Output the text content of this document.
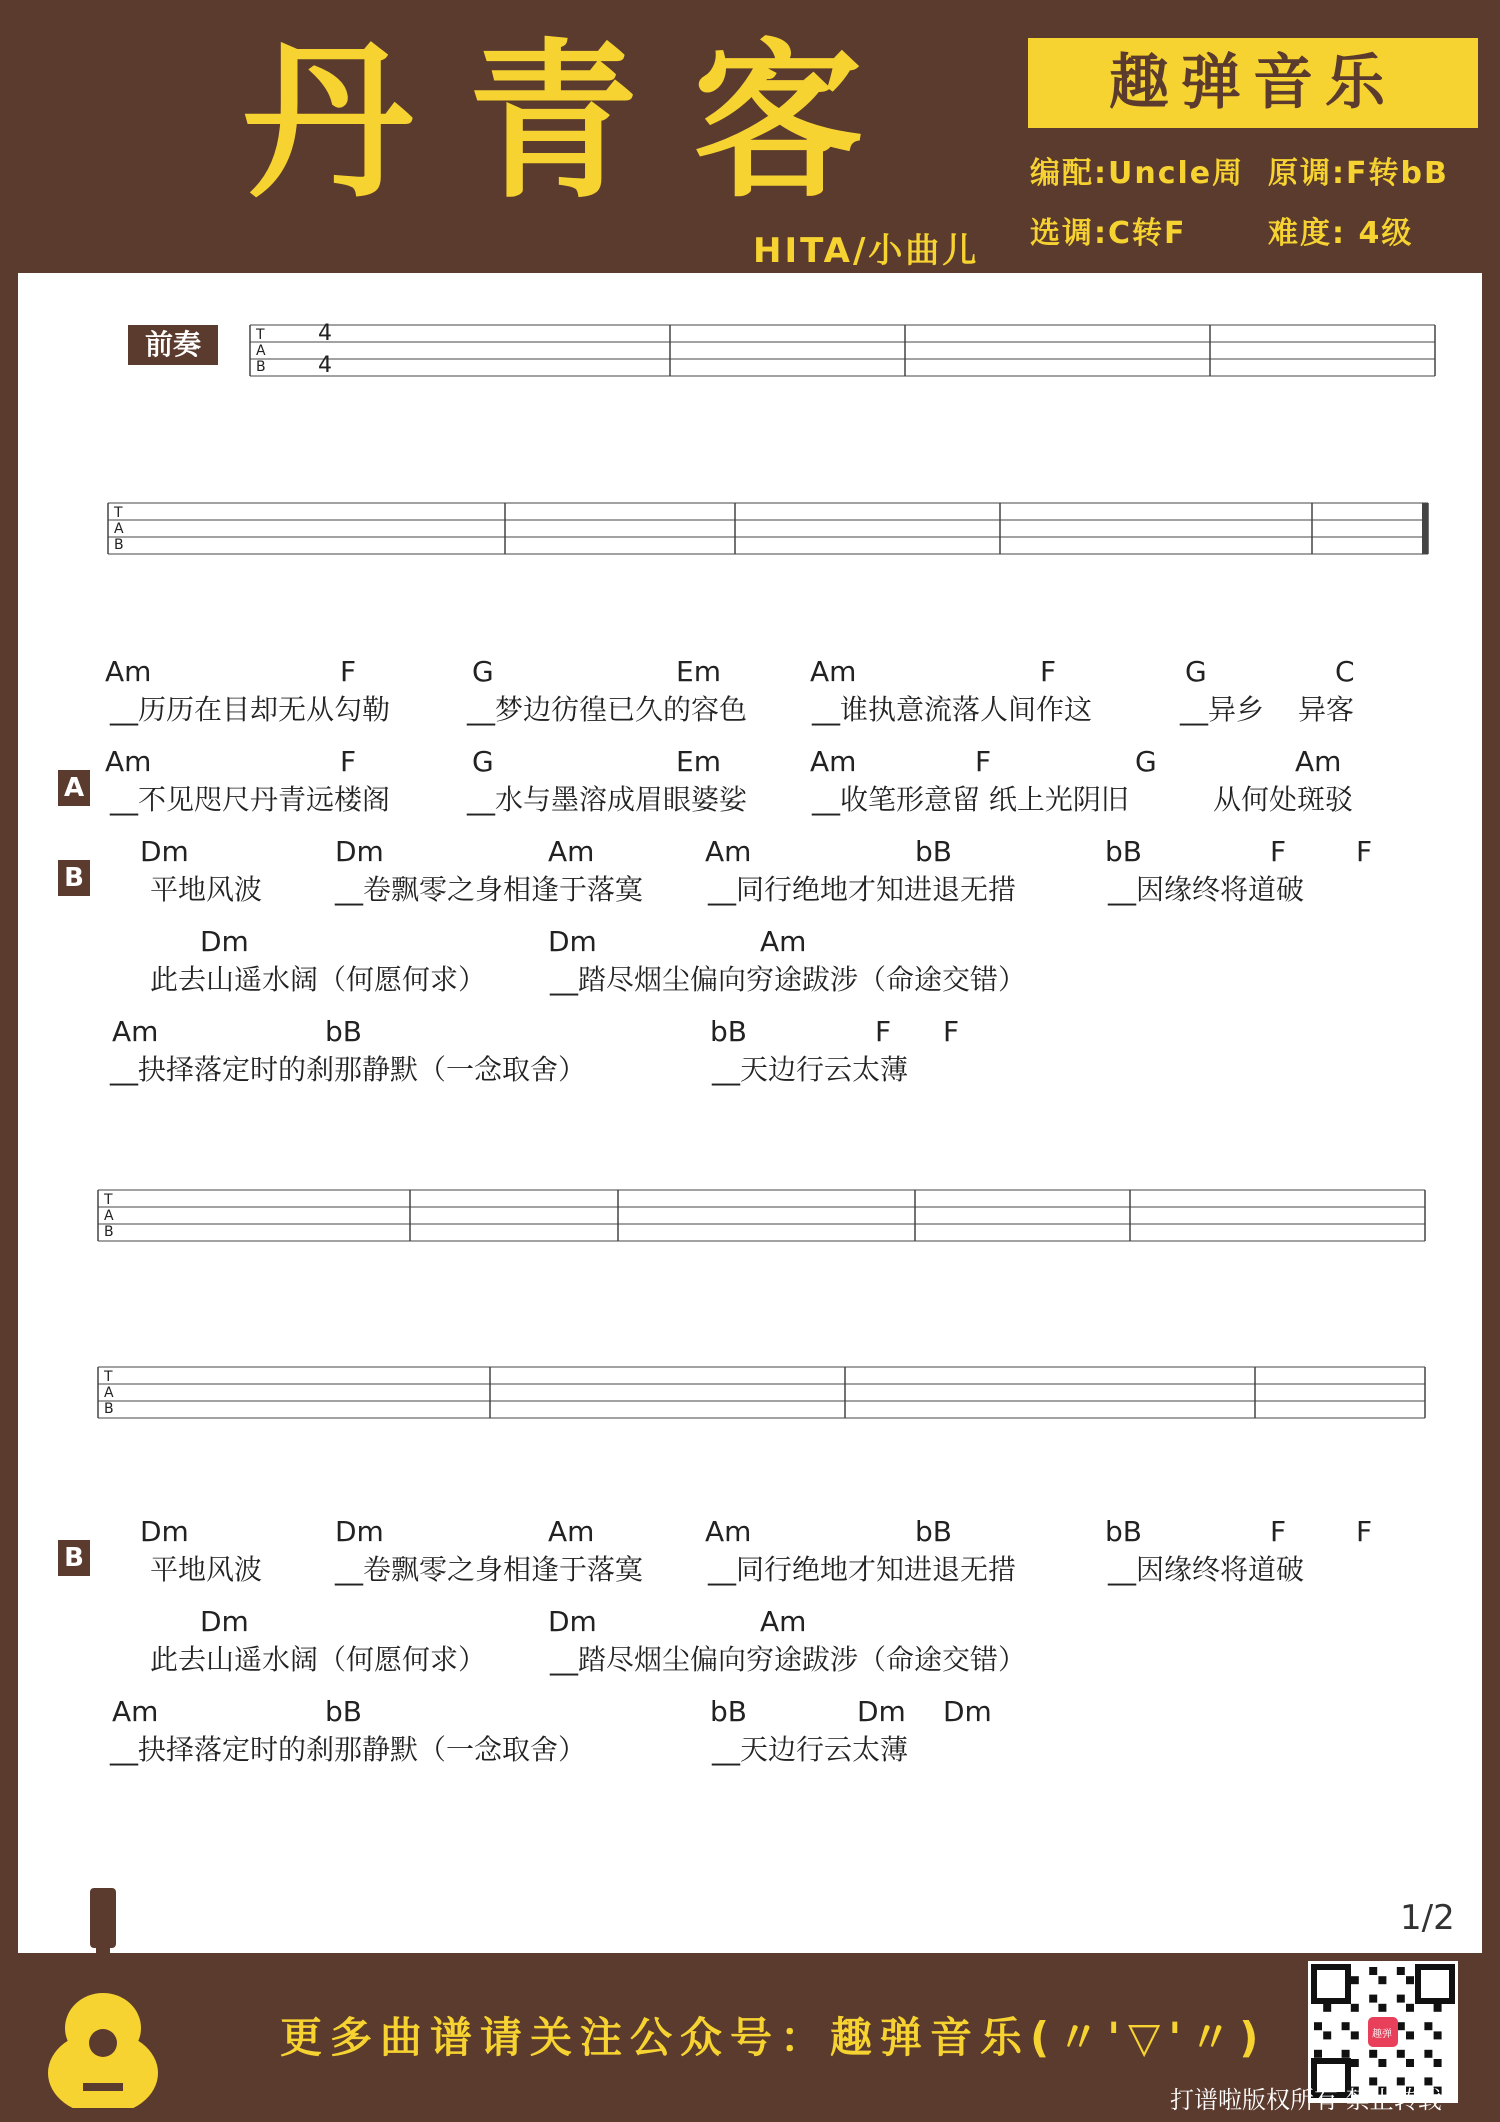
丹青客	趣弹音乐
编配:Uncle周 原调:F转bB
选调:C转F	难度: 4级
HITA/小曲儿
前奏	T
A
B
T
A
B
T
A
B
T
A
B
4
4
A
B
B
Am	F	G	Em	Am	F	G	C
__历历在目却无从勾勒	__梦边彷徨已久的容色 __谁执意流落人间作这	__异乡 异客
Am	F	G	Em	Am	F	G	Am
__不见咫尺丹青远楼阁	__水与墨溶成眉眼婆娑 __收笔形意留 纸上光阴旧	从何处斑驳
Dm	Dm	Am	Am	bB	bB	F F
平地风波	__卷飘零之身相逢于落寞 __同行绝地才知进退无措	__因缘终将道破
Dm	Dm	Am
此去山遥水阔（何愿何求） __踏尽烟尘偏向穷途跋涉（命途交错）
Am	bB	bB	F F
__抉择落定时的刹那静默（一念取舍）	__天边行云太薄
Dm	Dm	Am	Am	bB	bB	F F
平地风波	__卷飘零之身相逢于落寞 __同行绝地才知进退无措	__因缘终将道破
Dm	Dm	Am
此去山遥水阔（何愿何求） __踏尽烟尘偏向穷途跋涉（命途交错）
Am	bB	bB	Dm Dm
__抉择落定时的刹那静默（一念取舍）	__天边行云太薄
1/2
更多曲谱请关注公众号：趣弹音乐(〃'▽'〃)	趣弹
打谱啦版权所有 禁止转载
